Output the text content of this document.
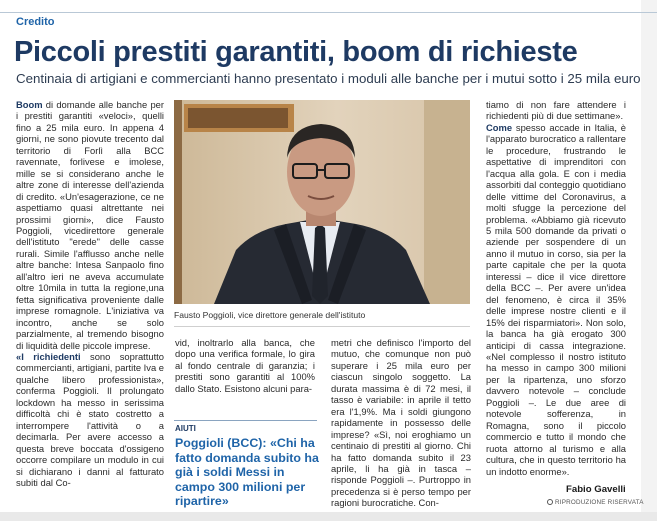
Credito
Piccoli prestiti garantiti, boom di richieste
Centinaia di artigiani e commercianti hanno presentato i moduli alle banche per i mutui sotto i 25 mila euro

Boom di domande alle banche per i prestiti garantiti «veloci», quelli fino a 25 mila euro. In appena 4 giorni, ne sono piovute trecento dal territorio di Forlì alla BCC ravennate, forlivese e imolese, mille se si considerano anche le altre zone di interesse dell'azienda di credito. «Un'esagerazione, ce ne aspettiamo quasi altrettante nei prossimi giorni», dice Fausto Poggioli, vicedirettore generale dell'istituto "erede" delle casse rurali. Simile l'afflusso anche nelle altre banche: Intesa Sanpaolo fino all'altro ieri ne aveva accumulate oltre 10mila in tutta la regione,una fetta significativa proveniente dalle imprese romagnole. L'iniziativa va incontro, anche se solo parzialmente, al tremendo bisogno di liquidità delle piccole imprese.

«I richiedenti sono soprattutto commercianti, artigiani, partite Iva e qualche libero professionista», conferma Poggioli. Il prolungato lockdown ha messo in serissima difficoltà chi è stato costretto a interrompere l'attività o a decimarla. Per avere accesso a questa breve boccata d'ossigeno occorre compilare un modulo in cui si dichiarano i danni al fatturato subiti dal Co-

Fausto Poggioli, vice direttore generale dell'istituto

vid, inoltrarlo alla banca, che dopo una verifica formale, lo gira al fondo centrale di garanzia; i prestiti sono garantiti al 100% dallo Stato. Esistono alcuni para-

AIUTI
Poggioli (BCC): «Chi ha fatto domanda subito ha già i soldi Messi in campo 300 milioni per ripartire»

metri che definisco l'importo del mutuo, che comunque non può superare i 25 mila euro per ciascun singolo soggetto. La durata massima è di 72 mesi, il tasso è variabile: in aprile il tetto era l'1,9%. Ma i soldi giungono rapidamente in possesso delle imprese? «Sì, noi eroghiamo un centinaio di prestiti al giorno. Chi ha fatto domanda subito il 23 aprile, li ha già in tasca – risponde Poggioli –. Purtroppo in precedenza si è perso tempo per ragioni burocratiche. Con-

tiamo di non fare attendere i richiedenti più di due settimane».

Come spesso accade in Italia, è l'apparato burocratico a rallentare le procedure, frustrando le aspettative di imprenditori con l'acqua alla gola. E con i media assorbiti dal conteggio quotidiano delle vittime del Coronavirus, a molti sfugge la percezione del problema. «Abbiamo già ricevuto 5 mila 500 domande da privati o aziende per sospendere di un anno il mutuo in corso, sia per la parte capitale che per la quota interessi – dice il vice direttore della BCC –. Per avere un'idea del fenomeno, è circa il 35% delle imprese nostre clienti e il 15% dei risparmiatori». Non solo, la banca ha già erogato 300 anticipi di cassa integrazione. «Nel complesso il nostro istituto ha messo in campo 300 milioni per la ripartenza, uno sforzo davvero notevole – conclude Poggioli –. Le due aree di notevole sofferenza, in Romagna, sono il piccolo commercio e tutto il mondo che ruota attorno al turismo e alla cultura, che in questo territorio ha un indotto enorme».

Fabio Gavelli
RIPRODUZIONE RISERVATA
